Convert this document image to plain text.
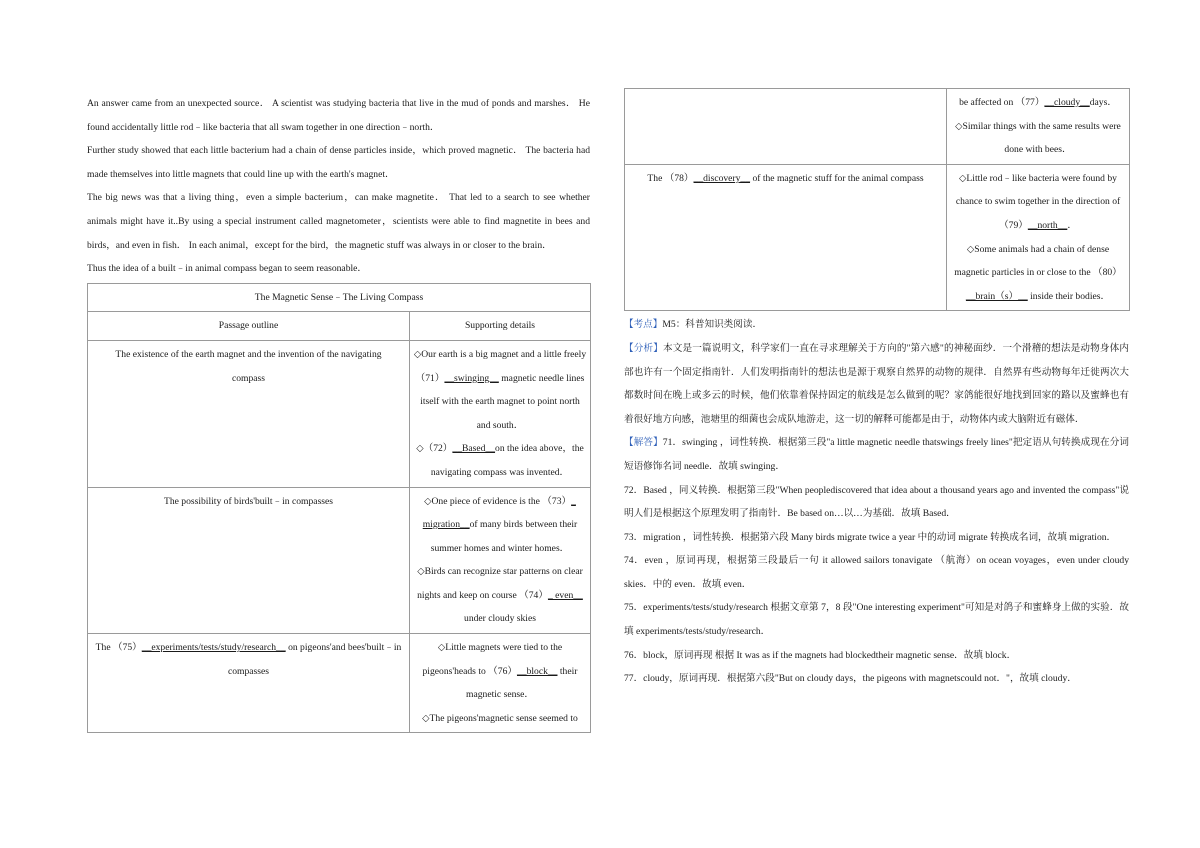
An answer came from an unexpected source． A scientist was studying bacteria that live in the mud of ponds and marshes． He found accidentally little rod﹣like bacteria that all swam together in one direction﹣north．

Further study showed that each little bacterium had a chain of dense particles inside，which proved magnetic． The bacteria had made themselves into little magnets that could line up with the earth's magnet．

The big news was that a living thing，even a simple bacterium，can make magnetite． That led to a search to see whether animals might have it..By using a special instrument called magnetometer，scientists were able to find magnetite in bees and birds，and even in fish． In each animal，except for the bird，the magnetic stuff was always in or closer to the brain．

Thus the idea of a built﹣in animal compass began to seem reasonable．

The Magnetic Sense﹣The Living Compass	
Passage outline	Supporting details
The existence of the earth magnet and the invention of the navigating compass	◇Our earth is a big magnet and a little freely （71）__swinging__ magnetic needle lines itself with the earth magnet to point north and south．
◇（72）__Based__on the idea above，the navigating compass was invented．
The possibility of birds'built﹣in compasses	◇One piece of evidence is the （73）_ migration__of many birds between their summer homes and winter homes．
◇Birds can recognize star patterns on clear nights and keep on course （74）_ even__ under cloudy skies
The （75）__experiments/tests/study/research__ on pigeons'and bees'built﹣in compasses	◇Little magnets were tied to the pigeons'heads to （76）__block__ their magnetic sense．
◇The pigeons'magnetic sense seemed to
	be affected on （77）__cloudy__days．
◇Similar things with the same results were done with bees．
The （78）__discovery__ of the magnetic stuff for the animal compass	◇Little rod﹣like bacteria were found by chance to swim together in the direction of （79）__north__．
◇Some animals had a chain of dense magnetic particles in or close to the （80）__brain（s）__ inside their bodies．

【考点】M5：科普知识类阅读．

【分析】本文是一篇说明文，科学家们一直在寻求理解关于方向的"第六感"的神秘面纱．一个滑稽的想法是动物身体内部也许有一个固定指南针．人们发明指南针的想法也是源于观察自然界的动物的规律．自然界有些动物每年迁徙两次大都数时间在晚上或多云的时候，他们依靠着保持固定的航线是怎么做到的呢？家鸽能很好地找到回家的路以及蜜蜂也有着很好地方向感，池塘里的细菌也会成队地游走，这一切的解释可能都是由于，动物体内或大脑附近有磁体．

【解答】71．swinging ，词性转换．根据第三段"a little magnetic needle thatswings freely lines"把定语从句转换成现在分词短语修饰名词 needle．故填 swinging．

72．Based ，同义转换．根据第三段"When peoplediscovered that idea about a thousand years ago and invented the compass"说明人们是根据这个原理发明了指南针．Be based on…以…为基础．故填 Based．

73．migration ，词性转换．根据第六段 Many birds migrate twice a year 中的动词 migrate 转换成名词，故填 migration．

74．even ，原词再现，根据第三段最后一句 it allowed sailors tonavigate （航海）on ocean voyages，even under cloudy skies．中的 even．故填 even．

75．experiments/tests/study/research 根据文章第 7，8 段"One interesting experiment"可知是对鸽子和蜜蜂身上做的实验．故填 experiments/tests/study/research．

76．block，原词再现 根据 It was as if the magnets had blockedtheir magnetic sense．故填 block．

77．cloudy，原词再现．根据第六段"But on cloudy days，the pigeons with magnetscould not．"，故填 cloudy．
